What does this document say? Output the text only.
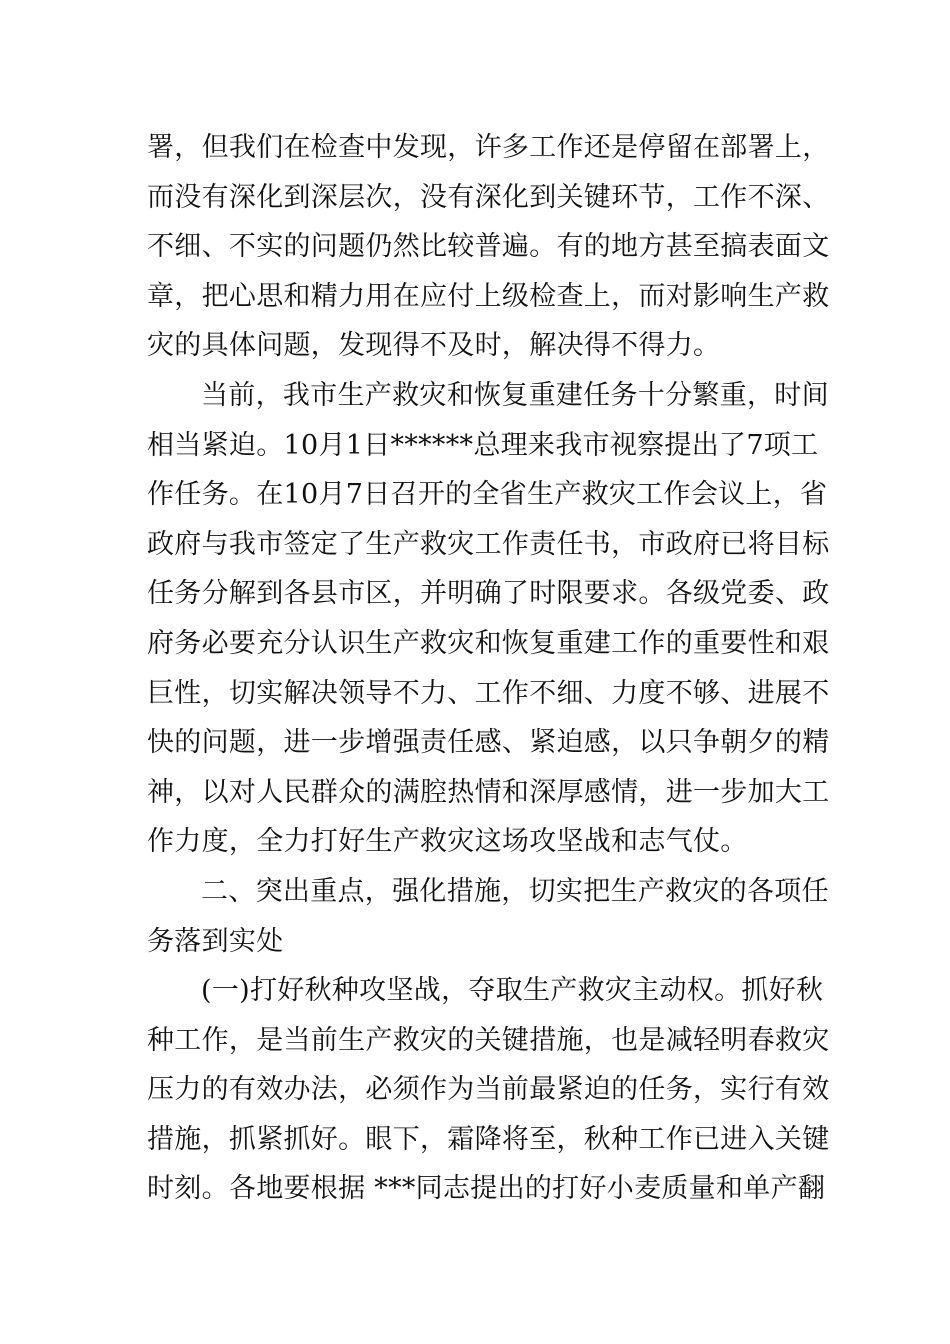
署，但我们在检查中发现，许多工作还是停留在部署上，
而没有深化到深层次，没有深化到关键环节，工作不深、
不细、不实的问题仍然比较普遍。有的地方甚至搞表面文
章，把心思和精力用在应付上级检查上，而对影响生产救
灾的具体问题，发现得不及时，解决得不得力。
当前，我市生产救灾和恢复重建任务十分繁重，时间
相当紧迫。10月1日******总理来我市视察提出了7项工
作任务。在10月7日召开的全省生产救灾工作会议上，省
政府与我市签定了生产救灾工作责任书，市政府已将目标
任务分解到各县市区，并明确了时限要求。各级党委、政
府务必要充分认识生产救灾和恢复重建工作的重要性和艰
巨性，切实解决领导不力、工作不细、力度不够、进展不
快的问题，进一步增强责任感、紧迫感，以只争朝夕的精
神，以对人民群众的满腔热情和深厚感情，进一步加大工
作力度，全力打好生产救灾这场攻坚战和志气仗。
二、突出重点，强化措施，切实把生产救灾的各项任
务落到实处
(一)打好秋种攻坚战，夺取生产救灾主动权。抓好秋
种工作，是当前生产救灾的关键措施，也是减轻明春救灾
压力的有效办法，必须作为当前最紧迫的任务，实行有效
措施，抓紧抓好。眼下，霜降将至，秋种工作已进入关键
时刻。各地要根据 ***同志提出的打好小麦质量和单产翻
